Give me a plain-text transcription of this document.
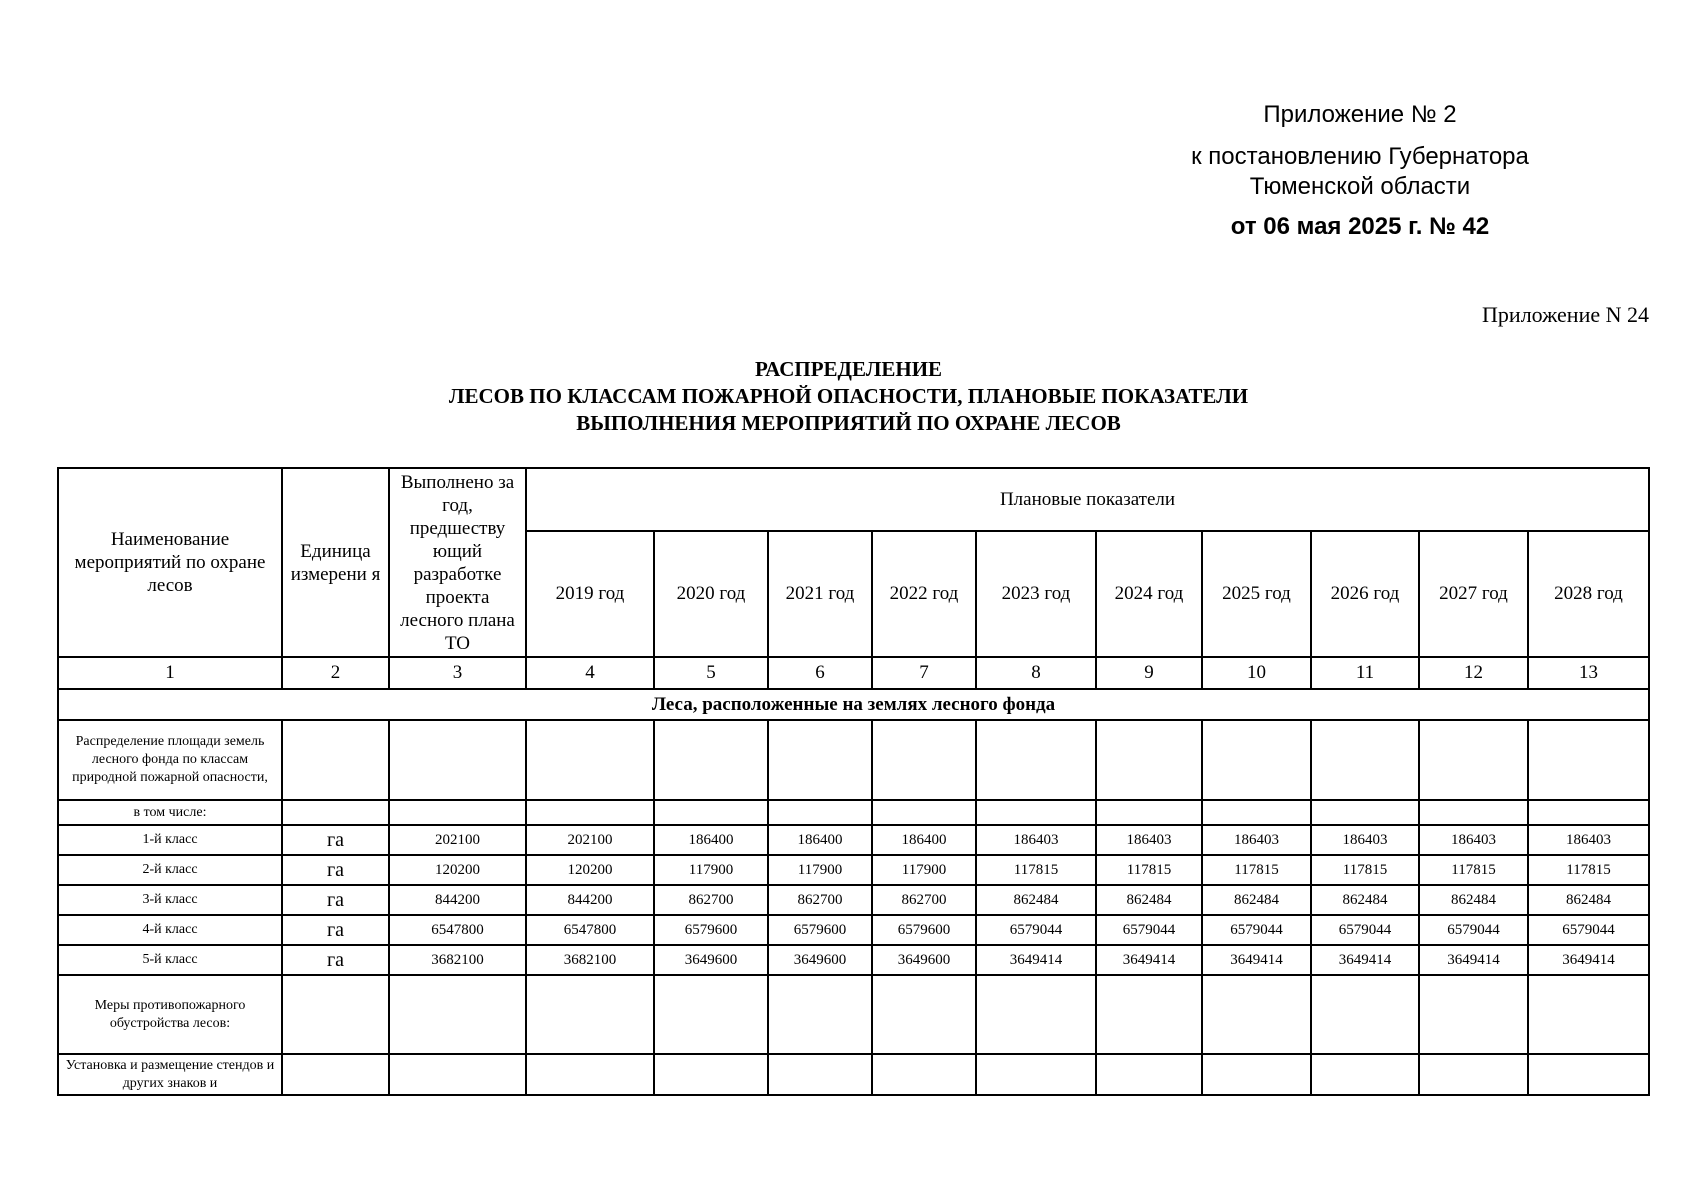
Приложение № 2
к постановлению Губернатора
Тюменской области
от 06 мая 2025 г. № 42
Приложение N 24
РАСПРЕДЕЛЕНИЕ
ЛЕСОВ ПО КЛАССАМ ПОЖАРНОЙ ОПАСНОСТИ, ПЛАНОВЫЕ ПОКАЗАТЕЛИ
ВЫПОЛНЕНИЯ МЕРОПРИЯТИЙ ПО ОХРАНЕ ЛЕСОВ
Наименование мероприятий по охране лесов	Единица измерени я	Выполнено за год, предшеству ющий разработке проекта лесного плана ТО	Плановые показатели									
			2019 год	2020 год	2021 год	2022 год	2023 год	2024 год	2025 год	2026 год	2027 год	2028 год
1	2	3	4	5	6	7	8	9	10	11	12	13
Леса, расположенные на землях лесного фонда												
Распределение площади земель лесного фонда по классам природной пожарной опасности,												
в том числе:												
1-й класс	га	202100	202100	186400	186400	186400	186403	186403	186403	186403	186403	186403
2-й класс	га	120200	120200	117900	117900	117900	117815	117815	117815	117815	117815	117815
3-й класс	га	844200	844200	862700	862700	862700	862484	862484	862484	862484	862484	862484
4-й класс	га	6547800	6547800	6579600	6579600	6579600	6579044	6579044	6579044	6579044	6579044	6579044
5-й класс	га	3682100	3682100	3649600	3649600	3649600	3649414	3649414	3649414	3649414	3649414	3649414
Меры противопожарного обустройства лесов:												
Установка и размещение стендов и других знаков и												
